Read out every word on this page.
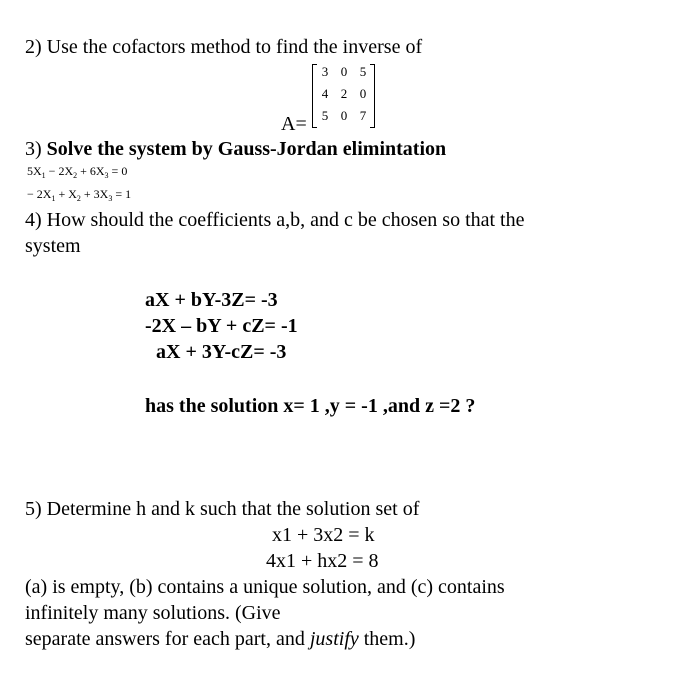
2) Use the cofactors method to find the inverse of
3 0 5
4 2 0
5 0 7
A=
3) Solve the system by Gauss-Jordan elimintation
$5X_1 - 2X_2 + 6X_3 = 0$
− $2X_1 + X_2 + 3X_3 = 1$
4) How should the coefficients a,b, and c be chosen so that the
system
aX + bY-3Z= -3
-2X – bY + cZ= -1
aX + 3Y-cZ= -3
has the solution x= 1 ,y = -1 ,and z =2 ?
5) Determine h and k such that the solution set of
x1 + 3x2 = k
4x1 + hx2 = 8
(a) is empty, (b) contains a unique solution, and (c) contains
infinitely many solutions. (Give
separate answers for each part, and justify them.)
